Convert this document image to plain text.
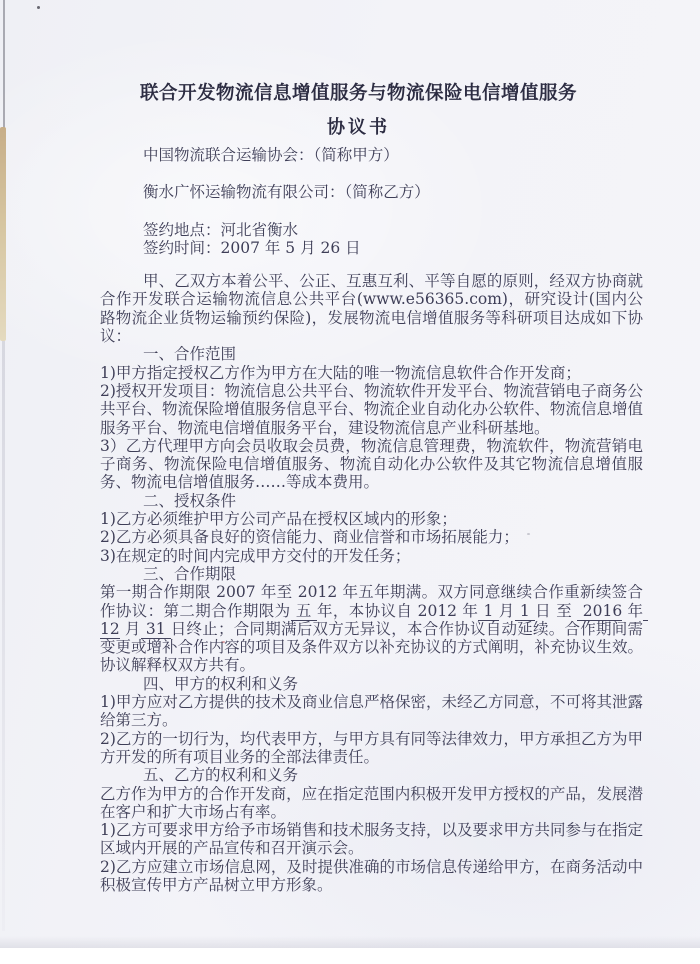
联合开发物流信息增值服务与物流保险电信增值服务
协议书

中国物流联合运输协会：（简称甲方）

衡水广怀运输物流有限公司：（简称乙方）

签约地点：河北省衡水

签约时间：2007 年 5 月 26 日

甲、乙双方本着公平、公正、互惠互利、平等自愿的原则，经双方协商就合作开发联合运输物流信息公共平台(www.e56365.com)，研究设计(国内公路物流企业货物运输预约保险)，发展物流电信增值服务等科研项目达成如下协议：

一、合作范围

1)甲方指定授权乙方作为甲方在大陆的唯一物流信息软件合作开发商；

2)授权开发项目：物流信息公共平台、物流软件开发平台、物流营销电子商务公共平台、物流保险增值服务信息平台、物流企业自动化办公软件、物流信息增值服务平台、物流电信增值服务平台，建设物流信息产业科研基地。

3）乙方代理甲方向会员收取会员费，物流信息管理费，物流软件，物流营销电子商务、物流保险电信增值服务、物流自动化办公软件及其它物流信息增值服务、物流电信增值服务……等成本费用。

二、授权条件

1)乙方必须维护甲方公司产品在授权区域内的形象；

2)乙方必须具备良好的资信能力、商业信誉和市场拓展能力；

3)在规定的时间内完成甲方交付的开发任务；

三、合作期限

第一期合作期限 2007 年至 2012 年五年期满。双方同意继续合作重新续签合作协议：第二期合作期限为 五 年，本协议自 2012 年 1 月 1 日 至  2016 年 12 月 31 日终止；合同期满后双方无异议，本合作协议自动延续。合作期间需变更或增补合作内容的项目及条件双方以补充协议的方式阐明，补充协议生效。协议解释权双方共有。

四、甲方的权利和义务

1)甲方应对乙方提供的技术及商业信息严格保密，未经乙方同意，不可将其泄露给第三方。

2)乙方的一切行为，均代表甲方，与甲方具有同等法律效力，甲方承担乙方为甲方开发的所有项目业务的全部法律责任。

五、乙方的权利和义务

乙方作为甲方的合作开发商，应在指定范围内积极开发甲方授权的产品，发展潜在客户和扩大市场占有率。

1)乙方可要求甲方给予市场销售和技术服务支持，以及要求甲方共同参与在指定区域内开展的产品宣传和召开演示会。

2)乙方应建立市场信息网，及时提供准确的市场信息传递给甲方，在商务活动中积极宣传甲方产品树立甲方形象。
